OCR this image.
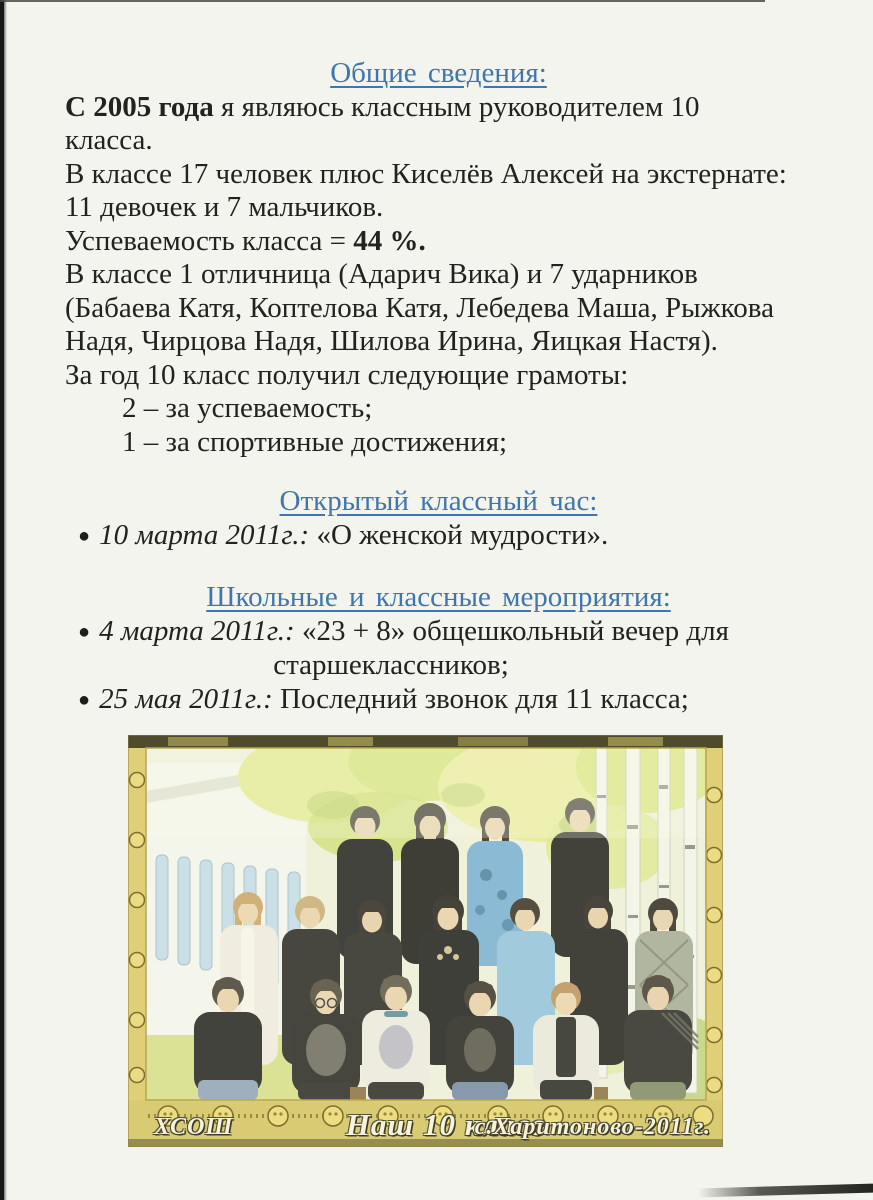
Общие сведения:

С 2005 года я являюсь классным руководителем 10
класса.
В классе 17 человек плюс Киселёв Алексей на экстернате:
11 девочек и 7 мальчиков.
Успеваемость класса = 44 %.
В классе 1 отличница (Адарич Вика) и 7 ударников
(Бабаева Катя, Коптелова Катя, Лебедева Маша, Рыжкова
Надя, Чирцова Надя, Шилова Ирина, Яицкая Настя).
За год 10 класс получил следующие грамоты:

2 – за успеваемость;
1 – за спортивные достижения;
Открытый классный час:
● 10 марта 2011г.: «О женской мудрости».
Школьные и классные мероприятия:
● 4 марта 2011г.: «23 + 8» общешкольный вечер для
старшеклассников;
● 25 мая 2011г.: Последний звонок для 11 класса;
ХСОШ	Наш 10 класс
с.Харитоново-2011г.
